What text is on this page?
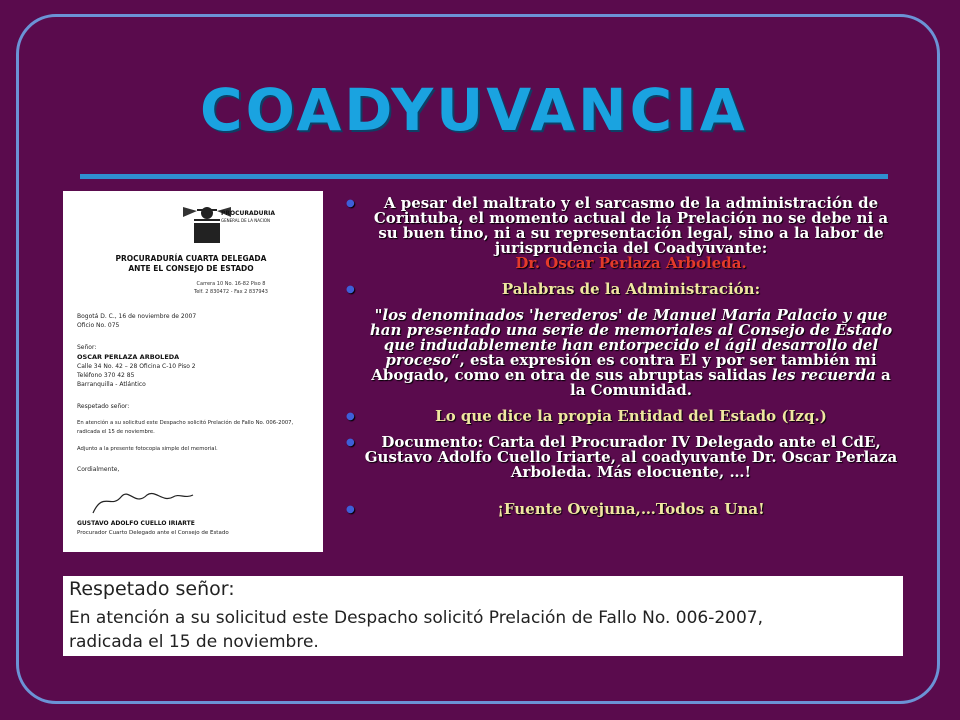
COADYUVANCIA
PROCURADURIA
GENERAL DE LA NACION
PROCURADURÍA CUARTA DELEGADA
ANTE EL CONSEJO DE ESTADO
Carrera 10 No. 16-82 Piso 8
Telf. 2 830472 - Fax 2 837943
Bogotá D. C., 16 de noviembre de 2007
Oficio No. 075
Señor:
OSCAR PERLAZA ARBOLEDA
Calle 34 No. 42 – 28 Oficina C-10 Piso 2
Teléfono 370 42 85
Barranquilla - Atlántico
Respetado señor:
En atención a su solicitud este Despacho solicitó Prelación de Fallo No. 006-2007,
radicada el 15 de noviembre.
Adjunto a la presente fotocopia simple del memorial.
Cordialmente,
GUSTAVO ADOLFO CUELLO IRIARTE
Procurador Cuarto Delegado ante el Consejo de Estado
● A pesar del maltrato y el sarcasmo de la administración de Corintuba, el momento actual de la Prelación no se debe ni a su buen tino, ni a su representación legal, sino a la labor de jurisprudencia del Coadyuvante:
Dr. Oscar Perlaza Arboleda.
● Palabras de la Administración:
"los denominados 'herederos' de Manuel Maria Palacio y que han presentado una serie de memoriales al Consejo de Estado que indudablemente han entorpecido el ágil desarrollo del proceso“, esta expresión es contra El y por ser también mi Abogado, como en otra de sus abruptas salidas les recuerda a la Comunidad.
● Lo que dice la propia Entidad del Estado (Izq.)
● Documento: Carta del Procurador IV Delegado ante el CdE, Gustavo Adolfo Cuello Iriarte, al coadyuvante Dr. Oscar Perlaza Arboleda. Más elocuente, …!
● ¡Fuente Ovejuna,…Todos a Una!
Respetado señor:
En atención a su solicitud este Despacho solicitó Prelación de Fallo No. 006-2007,
radicada el 15 de noviembre.
